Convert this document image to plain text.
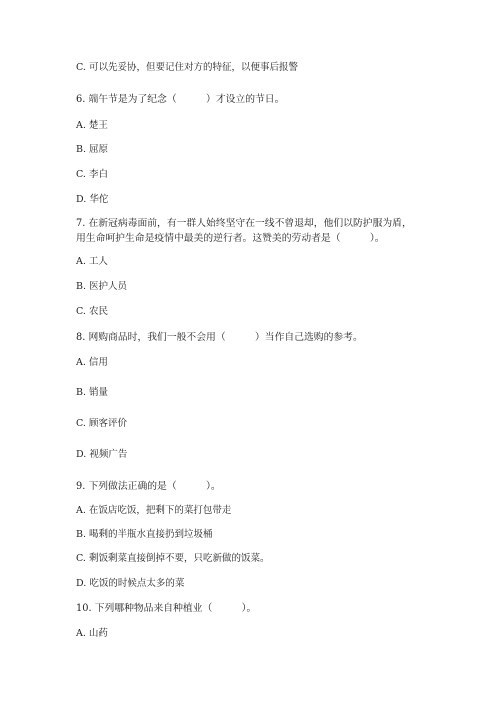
C. 可以先妥协，但要记住对方的特征，以便事后报警
6. 端午节是为了纪念（　　　）才设立的节日。
A. 楚王
B. 屈原
C. 李白
D. 华佗
7. 在新冠病毒面前，有一群人始终坚守在一线不曾退却，他们以防护服为盾，
用生命呵护生命是疫情中最美的逆行者。这赞美的劳动者是（　　　）。
A. 工人
B. 医护人员
C. 农民
8. 网购商品时，我们一般不会用（　　　）当作自己选购的参考。
A. 信用
B. 销量
C. 顾客评价
D. 视频广告
9. 下列做法正确的是（　　　）。
A. 在饭店吃饭，把剩下的菜打包带走
B. 喝剩的半瓶水直接扔到垃圾桶
C. 剩饭剩菜直接倒掉不要，只吃新做的饭菜。
D. 吃饭的时候点太多的菜
10. 下列哪种物品来自种植业（　　　）。
A. 山药
